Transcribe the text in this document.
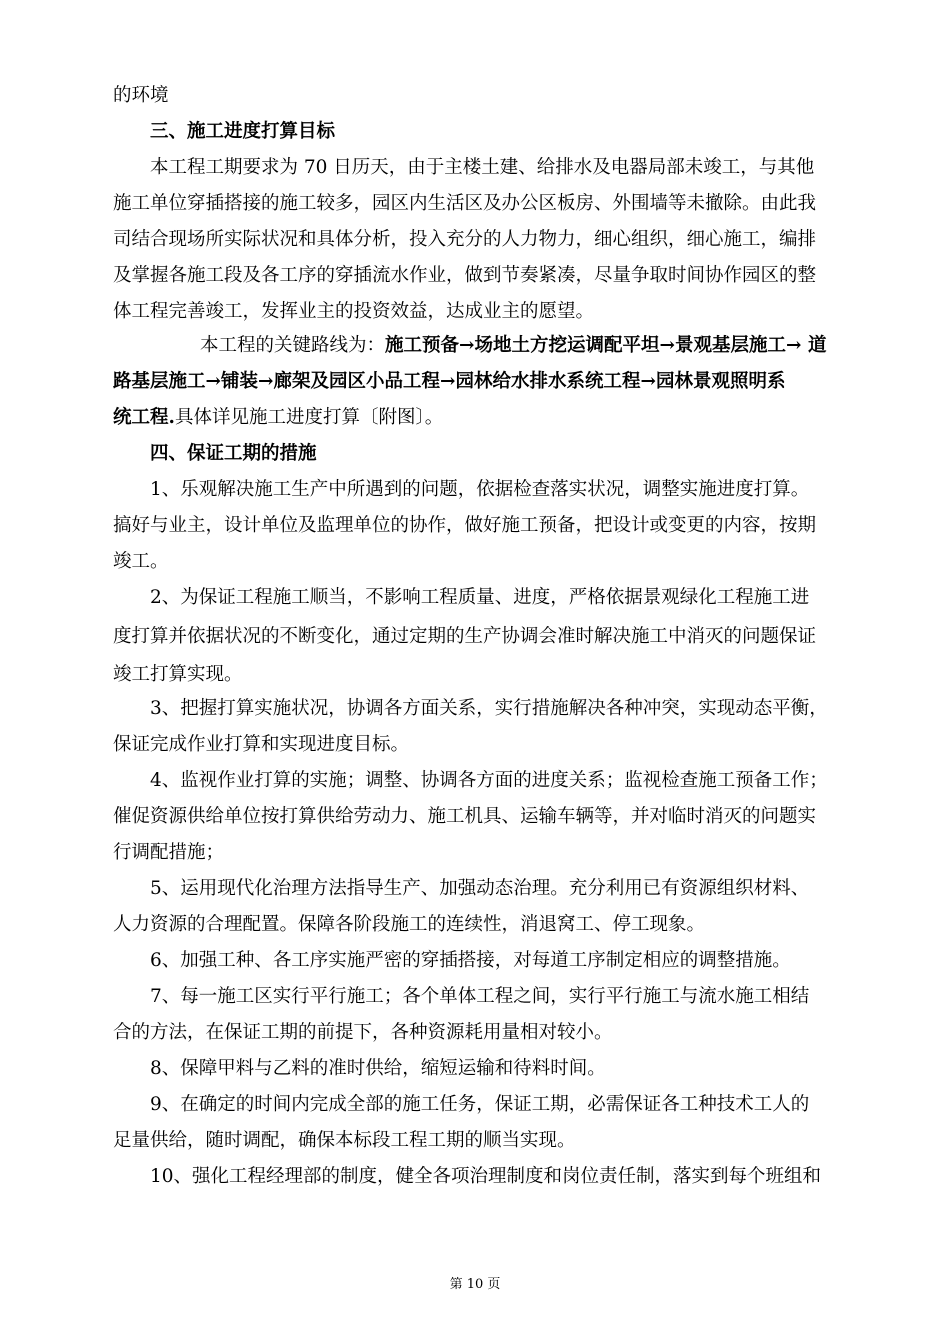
的环境
三、施工进度打算目标
本工程工期要求为 70 日历天，由于主楼土建、给排水及电器局部未竣工，与其他
施工单位穿插搭接的施工较多，园区内生活区及办公区板房、外围墙等未撤除。由此我
司结合现场所实际状况和具体分析，投入充分的人力物力，细心组织，细心施工，编排
及掌握各施工段及各工序的穿插流水作业，做到节奏紧凑，尽量争取时间协作园区的整
体工程完善竣工，发挥业主的投资效益，达成业主的愿望。
本工程的关键路线为：施工预备→场地土方挖运调配平坦→景观基层施工→ 道
路基层施工→铺装→廊架及园区小品工程→园林给水排水系统工程→园林景观照明系
统工程.具体详见施工进度打算〔附图〕。
四、保证工期的措施
1、乐观解决施工生产中所遇到的问题，依据检查落实状况，调整实施进度打算。
搞好与业主，设计单位及监理单位的协作，做好施工预备，把设计或变更的内容，按期
竣工。
2、为保证工程施工顺当，不影响工程质量、进度，严格依据景观绿化工程施工进
度打算并依据状况的不断变化，通过定期的生产协调会准时解决施工中消灭的问题保证
竣工打算实现。
3、把握打算实施状况，协调各方面关系，实行措施解决各种冲突，实现动态平衡，
保证完成作业打算和实现进度目标。
4、监视作业打算的实施；调整、协调各方面的进度关系；监视检查施工预备工作；
催促资源供给单位按打算供给劳动力、施工机具、运输车辆等，并对临时消灭的问题实
行调配措施；
5、运用现代化治理方法指导生产、加强动态治理。充分利用已有资源组织材料、
人力资源的合理配置。保障各阶段施工的连续性，消退窝工、停工现象。
6、加强工种、各工序实施严密的穿插搭接，对每道工序制定相应的调整措施。
7、每一施工区实行平行施工；各个单体工程之间，实行平行施工与流水施工相结
合的方法，在保证工期的前提下，各种资源耗用量相对较小。
8、保障甲料与乙料的准时供给，缩短运输和待料时间。
9、在确定的时间内完成全部的施工任务，保证工期，必需保证各工种技术工人的
足量供给，随时调配，确保本标段工程工期的顺当实现。
10、强化工程经理部的制度，健全各项治理制度和岗位责任制，落实到每个班组和
第 10 页
